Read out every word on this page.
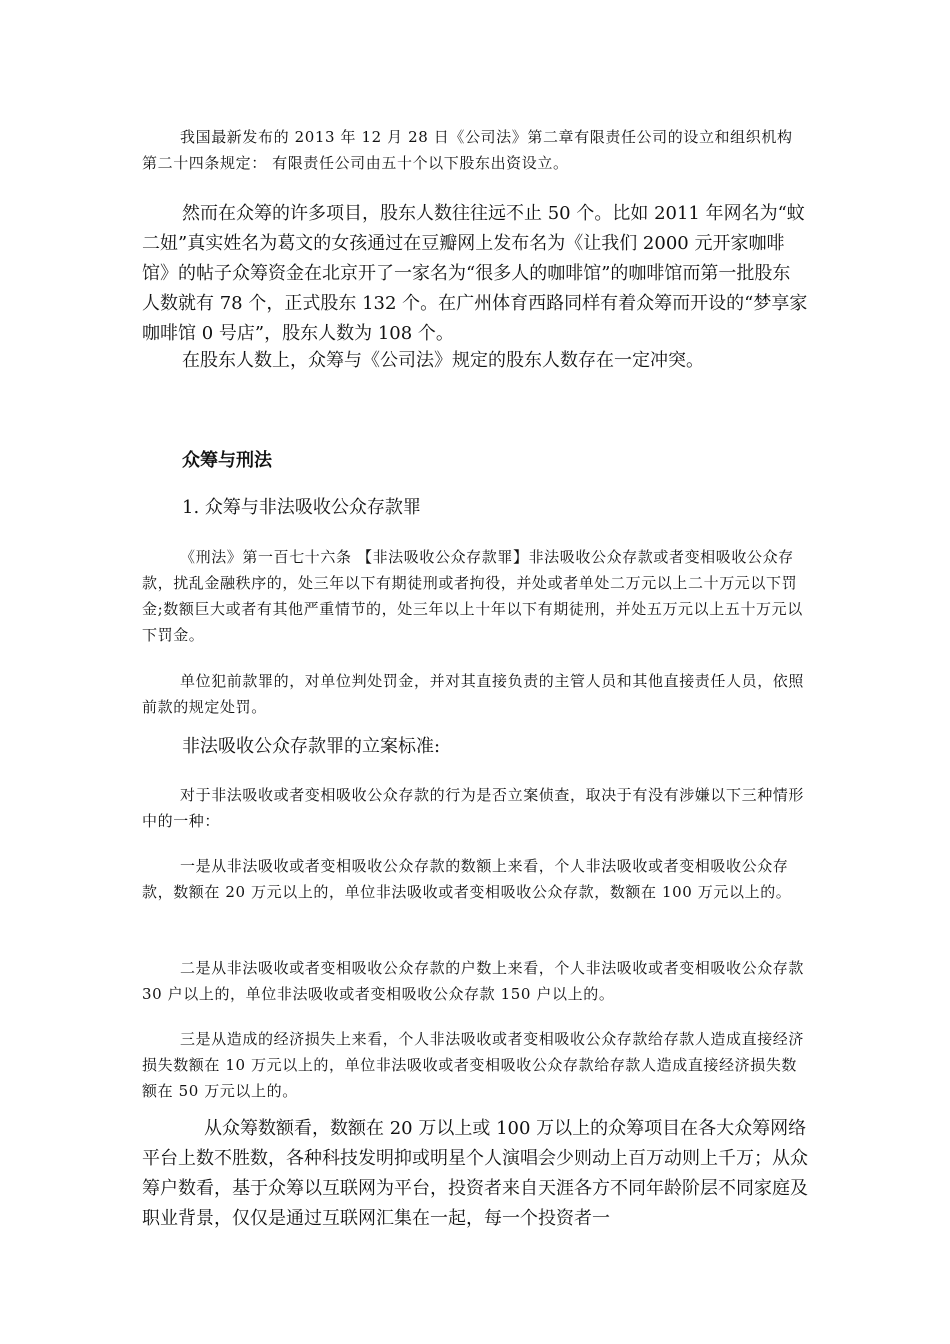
我国最新发布的 2013 年 12 月 28 日《公司法》第二章有限责任公司的设立和组织机构第二十四条规定： 有限责任公司由五十个以下股东出资设立。

然而在众筹的许多项目，股东人数往往远不止 50 个。比如 2011 年网名为“蚊二妞”真实姓名为葛文的女孩通过在豆瓣网上发布名为《让我们 2000 元开家咖啡馆》的帖子众筹资金在北京开了一家名为“很多人的咖啡馆”的咖啡馆而第一批股东人数就有 78 个，正式股东 132 个。在广州体育西路同样有着众筹而开设的“梦享家咖啡馆 0 号店”，股东人数为 108 个。

在股东人数上，众筹与《公司法》规定的股东人数存在一定冲突。

众筹与刑法

1. 众筹与非法吸收公众存款罪

《刑法》第一百七十六条 【非法吸收公众存款罪】非法吸收公众存款或者变相吸收公众存款，扰乱金融秩序的，处三年以下有期徒刑或者拘役，并处或者单处二万元以上二十万元以下罚金;数额巨大或者有其他严重情节的，处三年以上十年以下有期徒刑，并处五万元以上五十万元以下罚金。

单位犯前款罪的，对单位判处罚金，并对其直接负责的主管人员和其他直接责任人员，依照前款的规定处罚。

非法吸收公众存款罪的立案标准:

对于非法吸收或者变相吸收公众存款的行为是否立案侦查，取决于有没有涉嫌以下三种情形中的一种：

一是从非法吸收或者变相吸收公众存款的数额上来看，个人非法吸收或者变相吸收公众存款，数额在 20 万元以上的，单位非法吸收或者变相吸收公众存款，数额在 100 万元以上的。

二是从非法吸收或者变相吸收公众存款的户数上来看，个人非法吸收或者变相吸收公众存款 30 户以上的，单位非法吸收或者变相吸收公众存款 150 户以上的。

三是从造成的经济损失上来看，个人非法吸收或者变相吸收公众存款给存款人造成直接经济损失数额在 10 万元以上的，单位非法吸收或者变相吸收公众存款给存款人造成直接经济损失数额在 50 万元以上的。

从众筹数额看，数额在 20 万以上或 100 万以上的众筹项目在各大众筹网络平台上数不胜数，各种科技发明抑或明星个人演唱会少则动上百万动则上千万；从众筹户数看，基于众筹以互联网为平台，投资者来自天涯各方不同年龄阶层不同家庭及职业背景，仅仅是通过互联网汇集在一起，每一个投资者一
